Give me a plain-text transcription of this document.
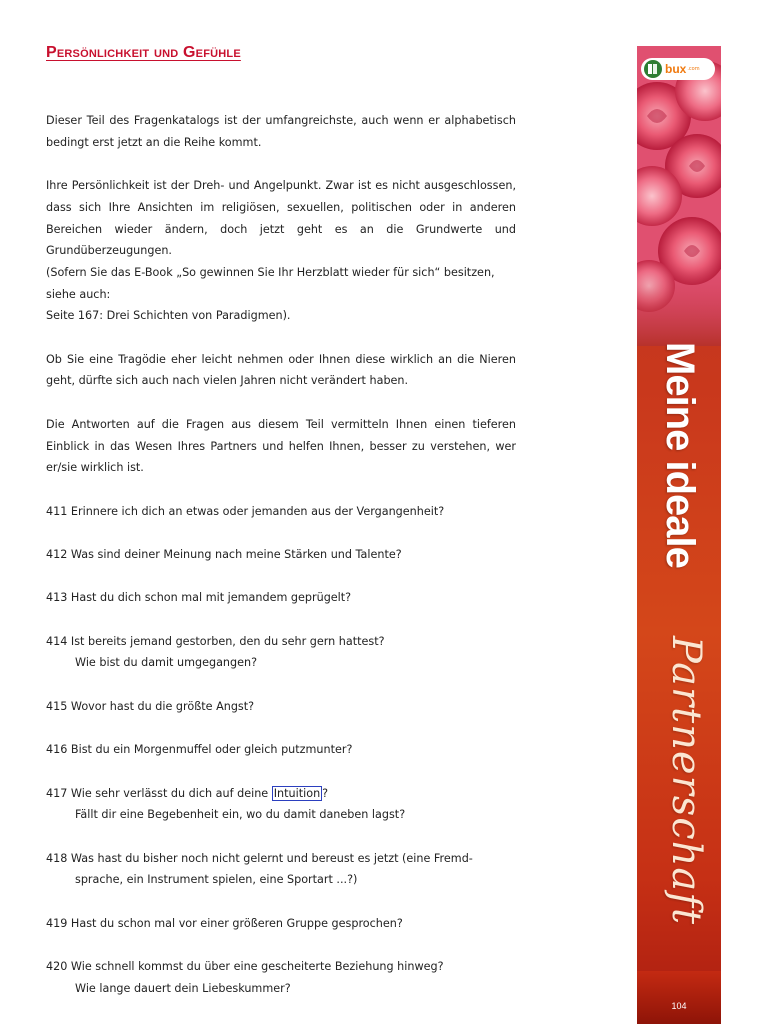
Persönlichkeit und Gefühle

Dieser Teil des Fragenkatalogs ist der umfangreichste, auch wenn er alphabetisch bedingt erst jetzt an die Reihe kommt.

Ihre Persönlichkeit ist der Dreh- und Angelpunkt. Zwar ist es nicht ausgeschlossen, dass sich Ihre Ansichten im religiösen, sexuellen, politischen oder in anderen Bereichen wieder ändern, doch jetzt geht es an die Grundwerte und Grundüberzeugungen.

(Sofern Sie das E-Book „So gewinnen Sie Ihr Herzblatt wieder für sich“ besitzen, siehe auch:

Seite 167: Drei Schichten von Paradigmen).

Ob Sie eine Tragödie eher leicht nehmen oder Ihnen diese wirklich an die Nieren geht, dürfte sich auch nach vielen Jahren nicht verändert haben.

Die Antworten auf die Fragen aus diesem Teil vermitteln Ihnen einen tieferen Einblick in das Wesen Ihres Partners und helfen Ihnen, besser zu verstehen, wer er/sie wirklich ist.

411 Erinnere ich dich an etwas oder jemanden aus der Vergangenheit?
412 Was sind deiner Meinung nach meine Stärken und Talente?
413 Hast du dich schon mal mit jemandem geprügelt?
414 Ist bereits jemand gestorben, den du sehr gern hattest?
Wie bist du damit umgegangen?
415 Wovor hast du die größte Angst?
416 Bist du ein Morgenmuffel oder gleich putzmunter?
417 Wie sehr verlässt du dich auf deine Intuition ?
Fällt dir eine Begebenheit ein, wo du damit daneben lagst?
418 Was hast du bisher noch nicht gelernt und bereust es jetzt (eine Fremd-
sprache, ein Instrument spielen, eine Sportart ...?)
419 Hast du schon mal vor einer größeren Gruppe gesprochen?
420 Wie schnell kommst du über eine gescheiterte Beziehung hinweg?
Wie lange dauert dein Liebeskummer?
bux .com
Meine ideale
Partnerschaft
104
